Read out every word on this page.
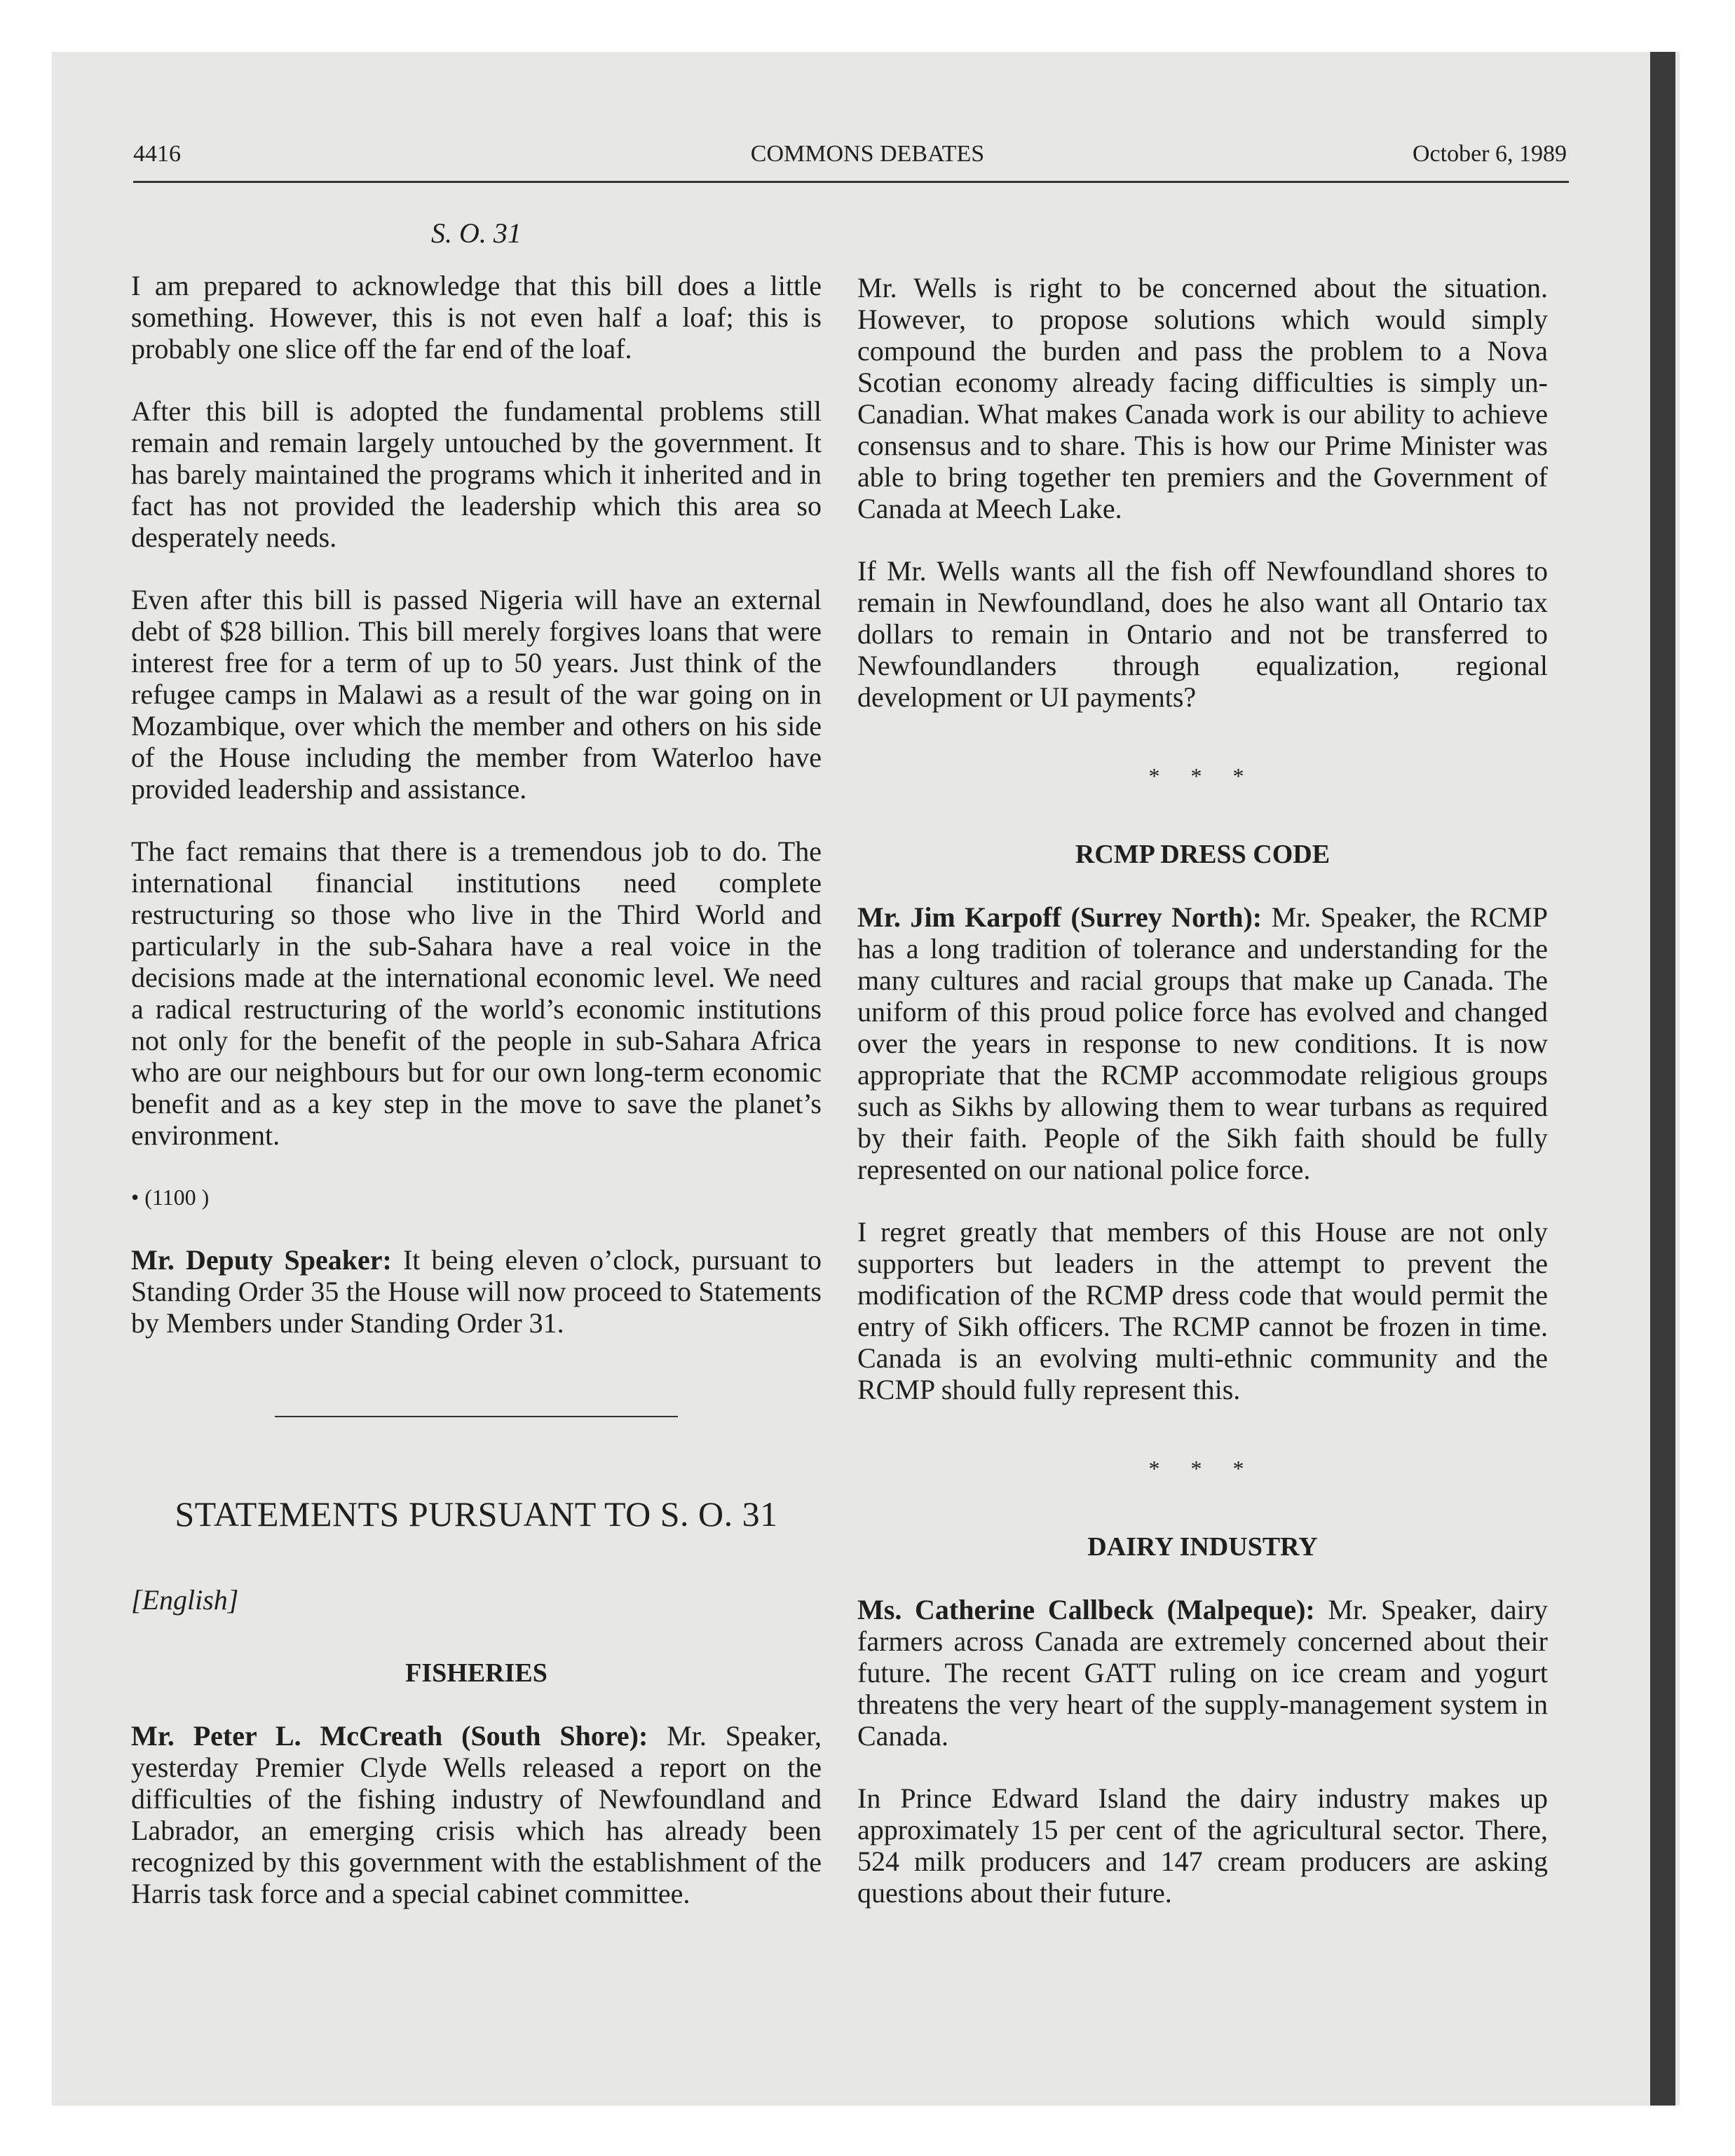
4416	COMMONS DEBATES	October 6, 1989
S. O. 31

I am prepared to acknowledge that this bill does a little something. However, this is not even half a loaf; this is probably one slice off the far end of the loaf.

After this bill is adopted the fundamental problems still remain and remain largely untouched by the government. It has barely maintained the programs which it inherited and in fact has not provided the leadership which this area so desperately needs.

Even after this bill is passed Nigeria will have an external debt of $28 billion. This bill merely forgives loans that were interest free for a term of up to 50 years. Just think of the refugee camps in Malawi as a result of the war going on in Mozambique, over which the member and others on his side of the House including the member from Waterloo have provided leadership and assistance.

The fact remains that there is a tremendous job to do. The international financial institutions need complete restructuring so those who live in the Third World and particularly in the sub-Sahara have a real voice in the decisions made at the international economic level. We need a radical restructuring of the world’s economic institutions not only for the benefit of the people in sub-Sahara Africa who are our neighbours but for our own long-term economic benefit and as a key step in the move to save the planet’s environment.

• (1100 )

Mr. Deputy Speaker: It being eleven o’clock, pursuant to Standing Order 35 the House will now proceed to Statements by Members under Standing Order 31.

STATEMENTS PURSUANT TO S. O. 31
[English]
FISHERIES

Mr. Peter L. McCreath (South Shore): Mr. Speaker, yesterday Premier Clyde Wells released a report on the difficulties of the fishing industry of Newfoundland and Labrador, an emerging crisis which has already been recognized by this government with the establishment of the Harris task force and a special cabinet committee.

Mr. Wells is right to be concerned about the situation. However, to propose solutions which would simply compound the burden and pass the problem to a Nova Scotian economy already facing difficulties is simply un-Canadian. What makes Canada work is our ability to achieve consensus and to share. This is how our Prime Minister was able to bring together ten premiers and the Government of Canada at Meech Lake.

If Mr. Wells wants all the fish off Newfoundland shores to remain in Newfoundland, does he also want all Ontario tax dollars to remain in Ontario and not be transferred to Newfoundlanders through equalization, regional development or UI payments?

* * *
RCMP DRESS CODE

Mr. Jim Karpoff (Surrey North): Mr. Speaker, the RCMP has a long tradition of tolerance and understanding for the many cultures and racial groups that make up Canada. The uniform of this proud police force has evolved and changed over the years in response to new conditions. It is now appropriate that the RCMP accommodate religious groups such as Sikhs by allowing them to wear turbans as required by their faith. People of the Sikh faith should be fully represented on our national police force.

I regret greatly that members of this House are not only supporters but leaders in the attempt to prevent the modification of the RCMP dress code that would permit the entry of Sikh officers. The RCMP cannot be frozen in time. Canada is an evolving multi-ethnic community and the RCMP should fully represent this.

* * *
DAIRY INDUSTRY

Ms. Catherine Callbeck (Malpeque): Mr. Speaker, dairy farmers across Canada are extremely concerned about their future. The recent GATT ruling on ice cream and yogurt threatens the very heart of the supply-management system in Canada.

In Prince Edward Island the dairy industry makes up approximately 15 per cent of the agricultural sector. There, 524 milk producers and 147 cream producers are asking questions about their future.
